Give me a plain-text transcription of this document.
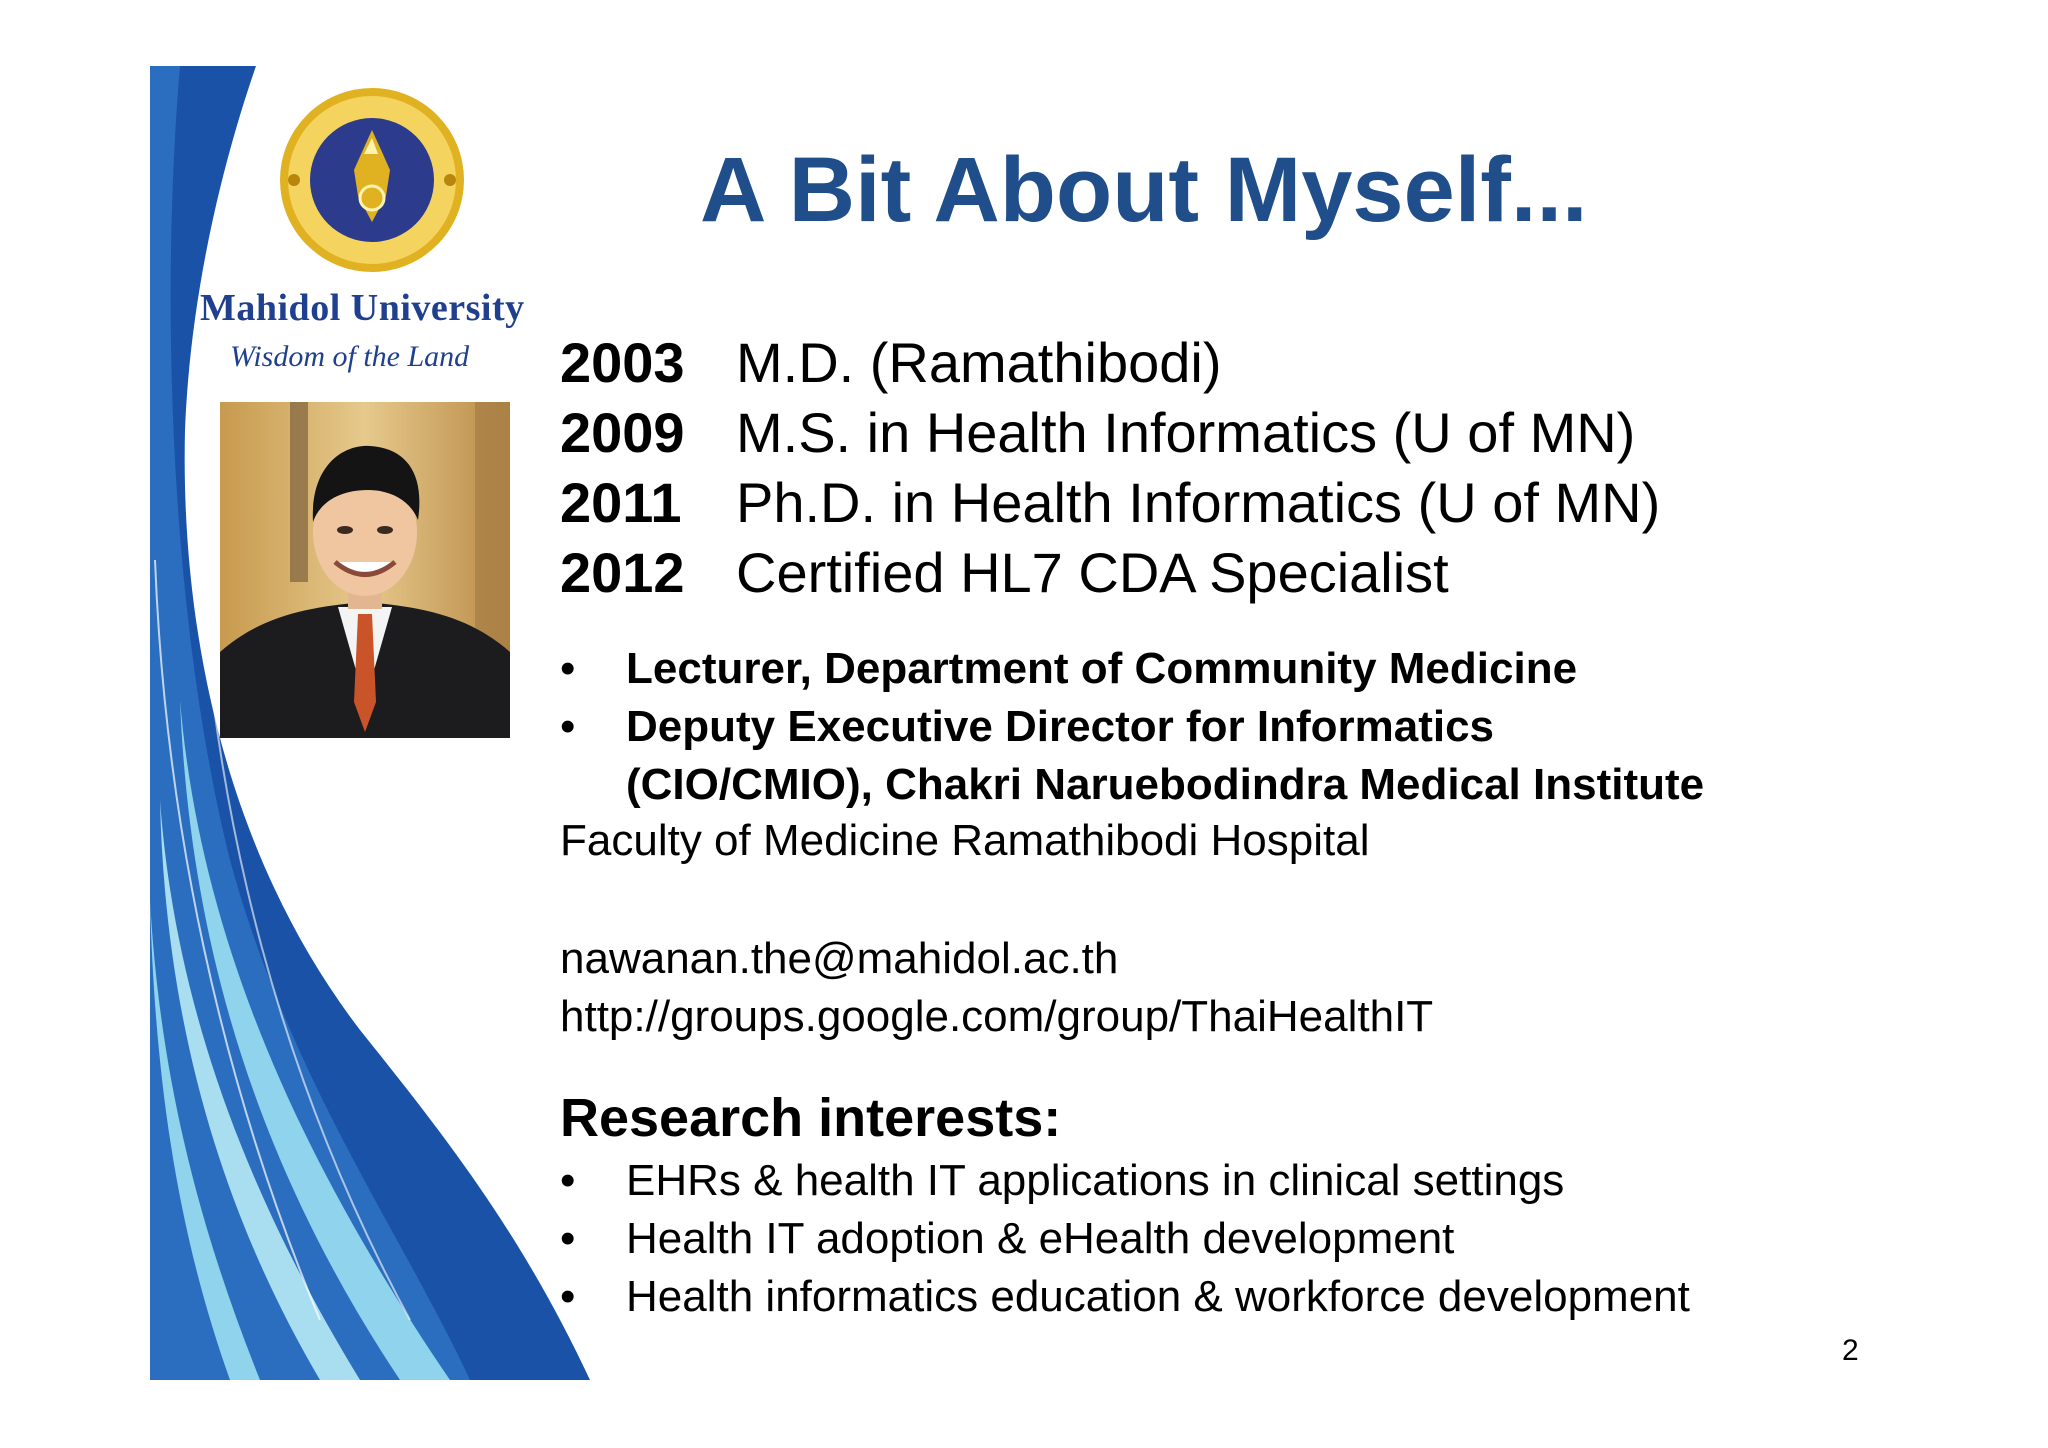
Mahidol University
Wisdom of the Land
A Bit About Myself...
2003 M.D. (Ramathibodi)
2009 M.S. in Health Informatics (U of MN)
2011 Ph.D. in Health Informatics (U of MN)
2012 Certified HL7 CDA Specialist
• Lecturer, Department of Community Medicine
• Deputy Executive Director for Informatics
(CIO/CMIO), Chakri Naruebodindra Medical Institute
Faculty of Medicine Ramathibodi Hospital
nawanan.the@mahidol.ac.th
http://groups.google.com/group/ThaiHealthIT
Research interests:
• EHRs & health IT applications in clinical settings
• Health IT adoption & eHealth development
• Health informatics education & workforce development
2
